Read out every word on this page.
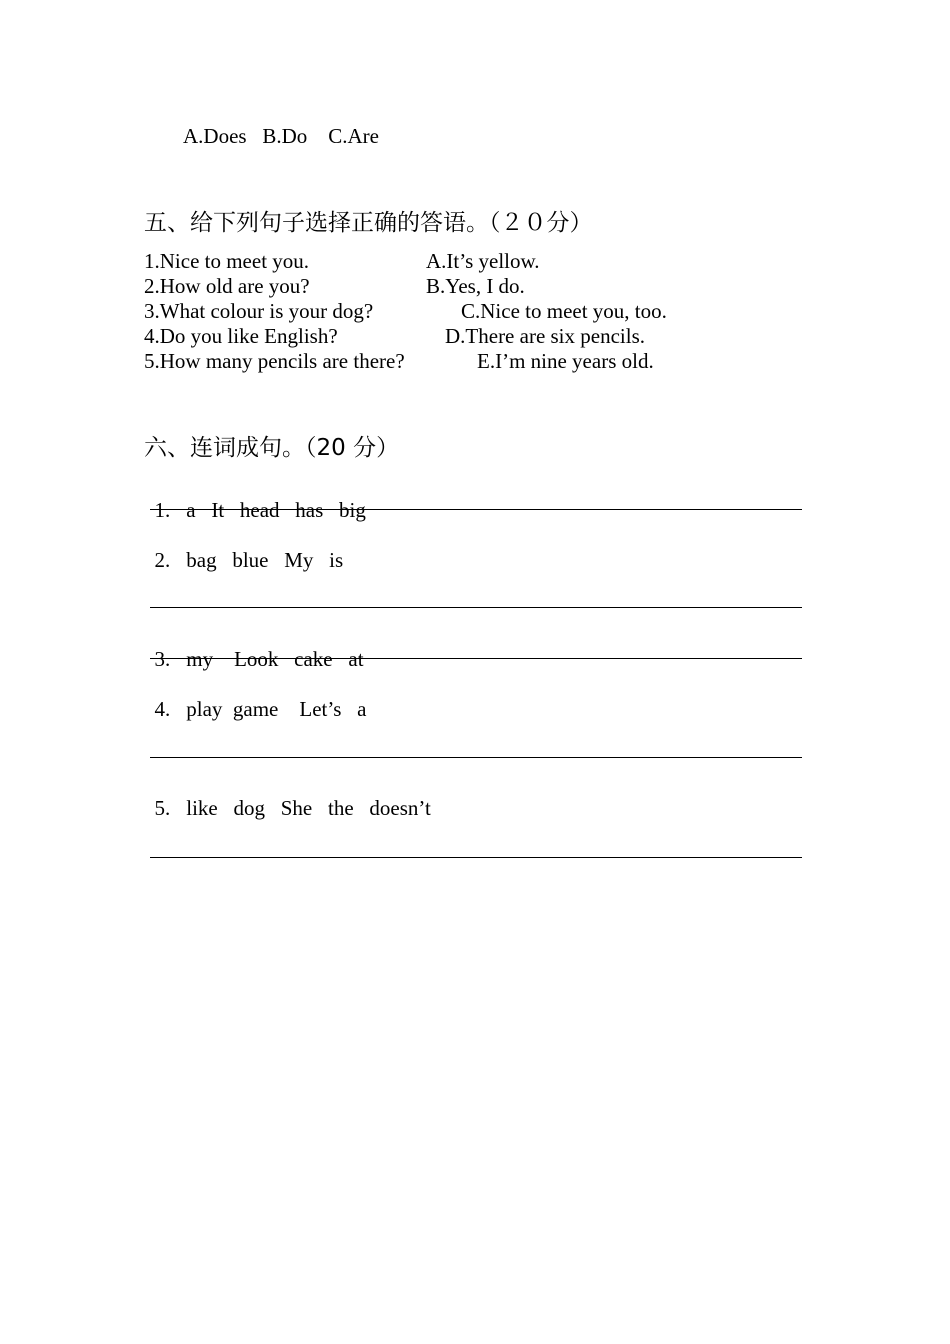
A.Does   B.Do    C.Are
五、给下列句子选择正确的答语。（２０分）
1.Nice to meet you.	A.It’s yellow.
2.How old are you?	B.Yes, I do.
3.What colour is your dog?	C.Nice to meet you, too.
4.Do you like English?	D.There are six pencils.
5.How many pencils are there?	E.I’m nine years old.
六、连词成句。（20 分）

1. a   It   head   has   big

2. bag   blue   My   is

3. my    Look   cake   at

4. play  game    Let’s   a

5. like   dog   She   the   doesn’t
